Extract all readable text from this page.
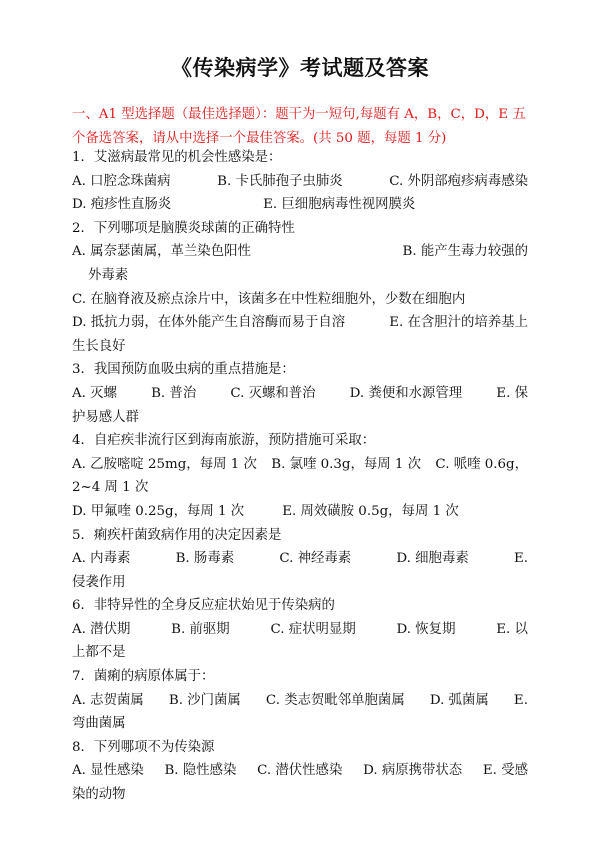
《传染病学》考试题及答案
一、A1 型选择题（最佳选择题）：题干为一短句,每题有 A，B，C，D，E 五个备选答案，请从中选择一个最佳答案。(共 50 题，每题 1 分)
1．艾滋病最常见的机会性感染是：
A. 口腔念珠菌病	B. 卡氏肺孢子虫肺炎	C. 外阴部疱疹病毒感染
D. 疱疹性直肠炎	E. 巨细胞病毒性视网膜炎
2．下列哪项是脑膜炎球菌的正确特性
A. 属奈瑟菌属，革兰染色阳性	B. 能产生毒力较强的
外毒素
C. 在脑脊液及瘀点涂片中，该菌多在中性粒细胞外，少数在细胞内
D. 抵抗力弱，在体外能产生自溶酶而易于自溶	E. 在含胆汁的培养基上
生长良好
3．我国预防血吸虫病的重点措施是：
A. 灭螺	B. 普治	C. 灭螺和普治	D. 粪便和水源管理	E. 保
护易感人群
4．自疟疾非流行区到海南旅游，预防措施可采取：
A. 乙胺嘧啶 25mg，每周 1 次 B. 氯喹 0.3g，每周 1 次 C. 哌喹 0.6g，
2~4 周 1 次
D. 甲氟喹 0.25g，每周 1 次	E. 周效磺胺 0.5g，每周 1 次
5．痢疾杆菌致病作用的决定因素是
A. 内毒素	B. 肠毒素	C. 神经毒素	D. 细胞毒素	E.
侵袭作用
6．非特异性的全身反应症状始见于传染病的
A. 潜伏期	B. 前驱期	C. 症状明显期	D. 恢复期	E. 以
上都不是
7．菌痢的病原体属于：
A. 志贺菌属 B. 沙门菌属 C. 类志贺毗邻单胞菌属 D. 弧菌属 E.
弯曲菌属
8．下列哪项不为传染源
A. 显性感染 B. 隐性感染 C. 潜伏性感染 D. 病原携带状态 E. 受感
染的动物
